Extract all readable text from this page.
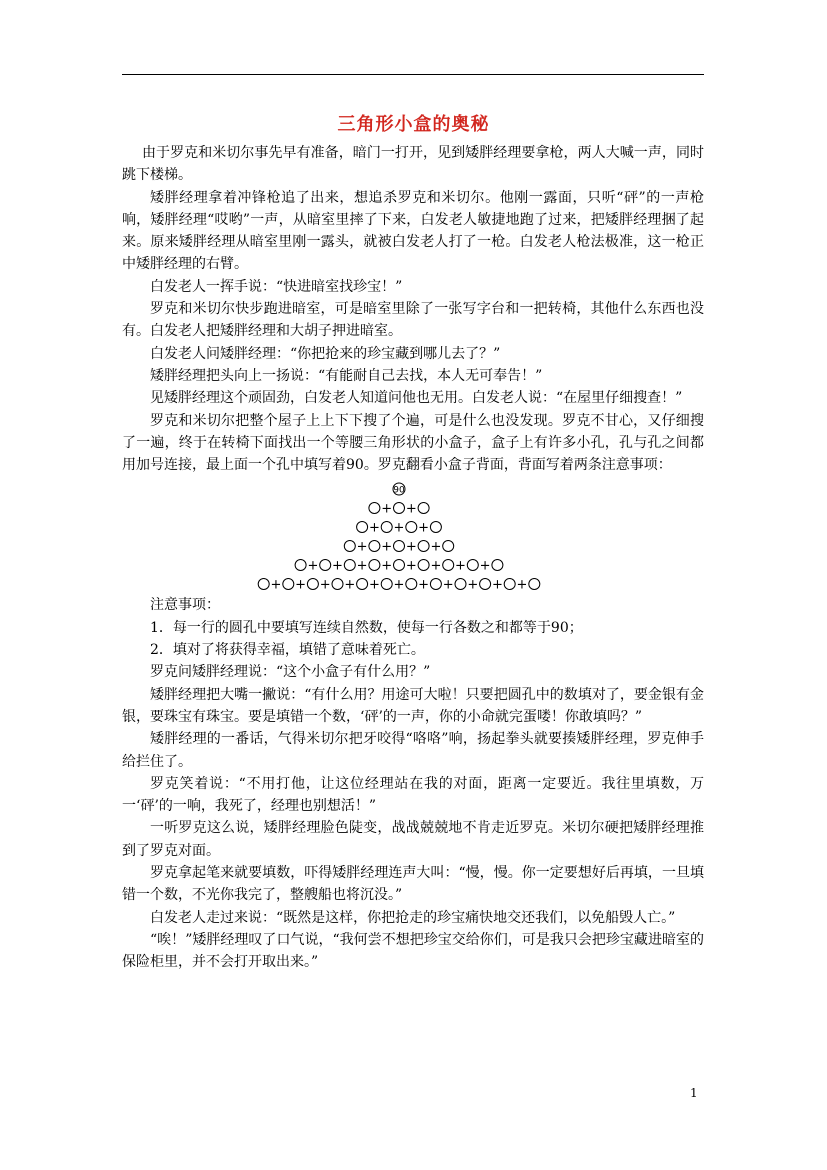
三角形小盒的奥秘

由于罗克和米切尔事先早有准备，暗门一打开，见到矮胖经理要拿枪，两人大喊一声，同时跳下楼梯。

矮胖经理拿着冲锋枪追了出来，想追杀罗克和米切尔。他刚一露面，只听“砰”的一声枪响，矮胖经理“哎哟”一声，从暗室里摔了下来，白发老人敏捷地跑了过来，把矮胖经理捆了起来。原来矮胖经理从暗室里刚一露头，就被白发老人打了一枪。白发老人枪法极准，这一枪正中矮胖经理的右臂。

白发老人一挥手说：“快进暗室找珍宝！”

罗克和米切尔快步跑进暗室，可是暗室里除了一张写字台和一把转椅，其他什么东西也没有。白发老人把矮胖经理和大胡子押进暗室。

白发老人问矮胖经理：“你把抢来的珍宝藏到哪儿去了？”

矮胖经理把头向上一扬说：“有能耐自己去找，本人无可奉告！”

见矮胖经理这个顽固劲，白发老人知道问他也无用。白发老人说：“在屋里仔细搜查！”

罗克和米切尔把整个屋子上上下下搜了个遍，可是什么也没发现。罗克不甘心，又仔细搜了一遍，终于在转椅下面找出一个等腰三角形状的小盒子，盒子上有许多小孔，孔与孔之间都用加号连接，最上面一个孔中填写着90。罗克翻看小盒子背面，背面写着两条注意事项：

90
+ +
+ + +
+ + + +
+ + + + + + + +
+ + + + + + + + + + +

注意事项：

1．每一行的圆孔中要填写连续自然数，使每一行各数之和都等于90；

2．填对了将获得幸福，填错了意味着死亡。

罗克问矮胖经理说：“这个小盒子有什么用？”

矮胖经理把大嘴一撇说：“有什么用？用途可大啦！只要把圆孔中的数填对了，要金银有金银，要珠宝有珠宝。要是填错一个数，‘砰’的一声，你的小命就完蛋喽！你敢填吗？”

矮胖经理的一番话，气得米切尔把牙咬得“咯咯”响，扬起拳头就要揍矮胖经理，罗克伸手给拦住了。

罗克笑着说：“不用打他，让这位经理站在我的对面，距离一定要近。我往里填数，万一‘砰’的一响，我死了，经理也别想活！”

一听罗克这么说，矮胖经理脸色陡变，战战兢兢地不肯走近罗克。米切尔硬把矮胖经理推到了罗克对面。

罗克拿起笔来就要填数，吓得矮胖经理连声大叫：“慢，慢。你一定要想好后再填，一旦填错一个数，不光你我完了，整艘船也将沉没。”

白发老人走过来说：“既然是这样，你把抢走的珍宝痛快地交还我们，以免船毁人亡。”

“唉！”矮胖经理叹了口气说，“我何尝不想把珍宝交给你们，可是我只会把珍宝藏进暗室的保险柜里，并不会打开取出来。”

1
